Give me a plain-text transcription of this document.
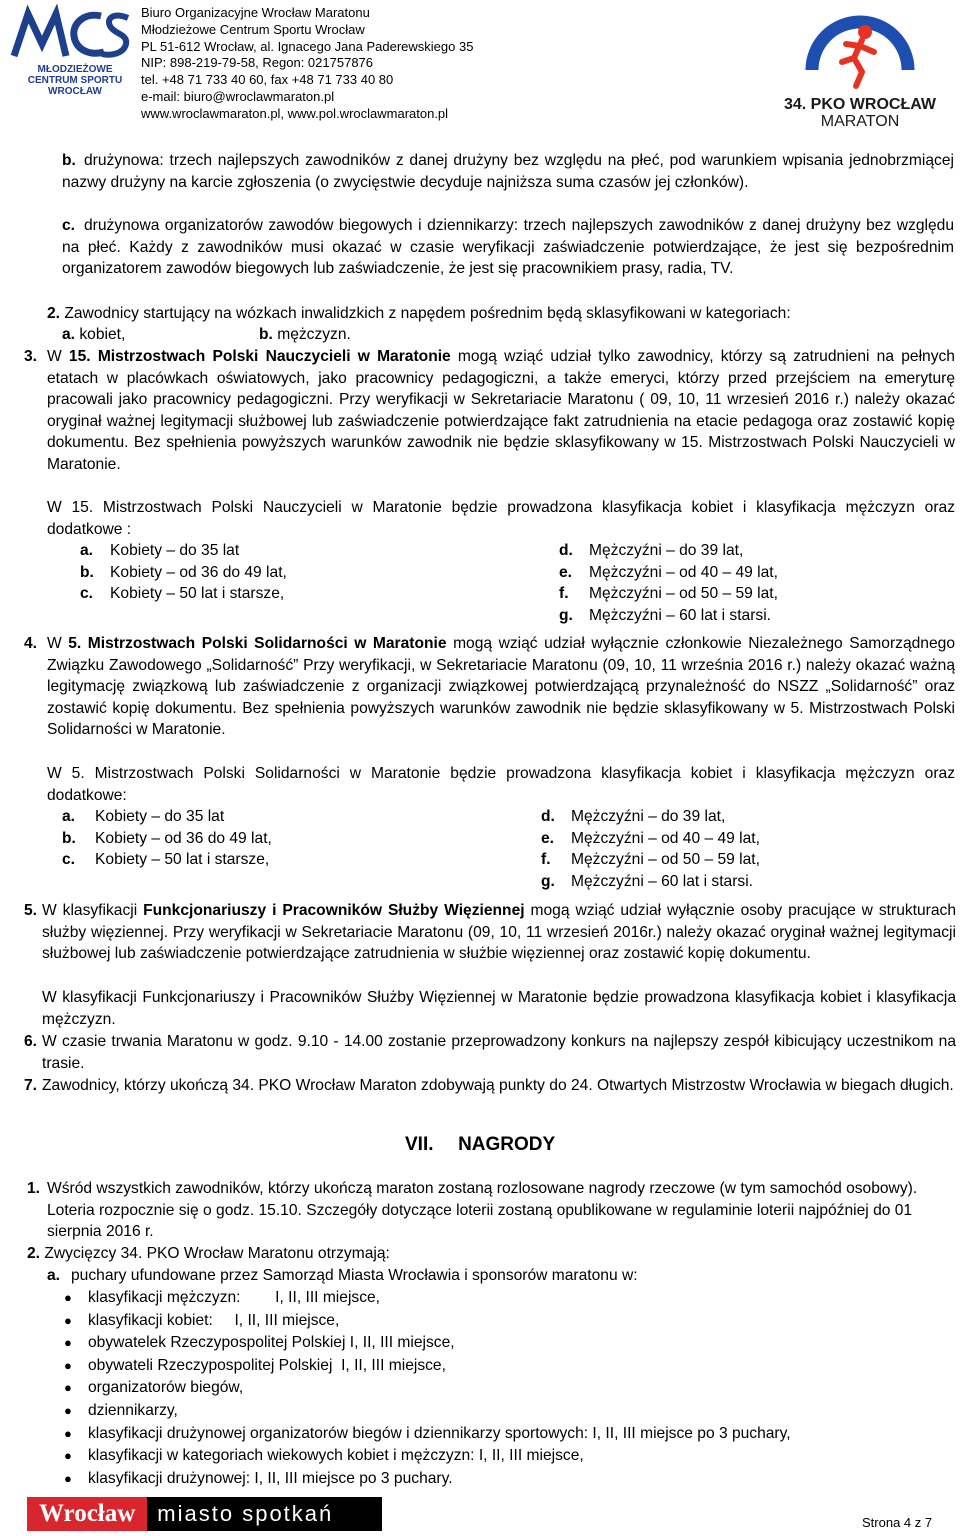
MŁODZIEŻOWE CENTRUM SPORTU WROCŁAW
Biuro Organizacyjne Wrocław Maratonu
Młodzieżowe Centrum Sportu Wrocław
PL 51-612 Wrocław, al. Ignacego Jana Paderewskiego 35
NIP: 898-219-79-58, Regon: 021757876
tel. +48 71 733 40 60, fax +48 71 733 40 80
e-mail: biuro@wroclawmaraton.pl
www.wroclawmaraton.pl, www.pol.wroclawmaraton.pl
34. PKO WROCŁAW
MARATON
b. drużynowa: trzech najlepszych zawodników z danej drużyny bez względu na płeć, pod warunkiem wpisania jednobrzmiącej nazwy drużyny na karcie zgłoszenia (o zwycięstwie decyduje najniższa suma czasów jej członków).
c. drużynowa organizatorów zawodów biegowych i dziennikarzy: trzech najlepszych zawodników z danej drużyny bez względu na płeć. Każdy z zawodników musi okazać w czasie weryfikacji zaświadczenie potwierdzające, że jest się bezpośrednim organizatorem zawodów biegowych lub zaświadczenie, że jest się pracownikiem prasy, radia, TV.
2. Zawodnicy startujący na wózkach inwalidzkich z napędem pośrednim będą sklasyfikowani w kategoriach:
a. kobiet,	b. mężczyzn.
3. W 15. Mistrzostwach Polski Nauczycieli w Maratonie mogą wziąć udział tylko zawodnicy, którzy są zatrudnieni na pełnych etatach w placówkach oświatowych, jako pracownicy pedagogiczni, a także emeryci, którzy przed przejściem na emeryturę pracowali jako pracownicy pedagogiczni. Przy weryfikacji w Sekretariacie Maratonu ( 09, 10, 11 wrzesień 2016 r.) należy okazać oryginał ważnej legitymacji służbowej lub zaświadczenie potwierdzające fakt zatrudnienia na etacie pedagoga oraz zostawić kopię dokumentu. Bez spełnienia powyższych warunków zawodnik nie będzie sklasyfikowany w 15. Mistrzostwach Polski Nauczycieli w Maratonie.
W 15. Mistrzostwach Polski Nauczycieli w Maratonie będzie prowadzona klasyfikacja kobiet i klasyfikacja mężczyzn oraz dodatkowe :
a. Kobiety – do 35 lat
b. Kobiety – od 36 do 49 lat,
c. Kobiety – 50 lat i starsze,
d. Mężczyźni – do 39 lat,
e. Mężczyźni – od 40 – 49 lat,
f. Mężczyźni – od 50 – 59 lat,
g. Mężczyźni – 60 lat i starsi.
4. W 5. Mistrzostwach Polski Solidarności w Maratonie mogą wziąć udział wyłącznie członkowie Niezależnego Samorządnego Związku Zawodowego „Solidarność” Przy weryfikacji, w Sekretariacie Maratonu (09, 10, 11 września 2016 r.) należy okazać ważną legitymację związkową lub zaświadczenie z organizacji związkowej potwierdzającą przynależność do NSZZ „Solidarność” oraz zostawić kopię dokumentu. Bez spełnienia powyższych warunków zawodnik nie będzie sklasyfikowany w 5. Mistrzostwach Polski Solidarności w Maratonie.
W 5. Mistrzostwach Polski Solidarności w Maratonie będzie prowadzona klasyfikacja kobiet i klasyfikacja mężczyzn oraz dodatkowe:
a. Kobiety – do 35 lat
b. Kobiety – od 36 do 49 lat,
c. Kobiety – 50 lat i starsze,
d. Mężczyźni – do 39 lat,
e. Mężczyźni – od 40 – 49 lat,
f. Mężczyźni – od 50 – 59 lat,
g. Mężczyźni – 60 lat i starsi.
5. W klasyfikacji Funkcjonariuszy i Pracowników Służby Więziennej mogą wziąć udział wyłącznie osoby pracujące w strukturach służby więziennej. Przy weryfikacji w Sekretariacie Maratonu (09, 10, 11 wrzesień 2016r.) należy okazać oryginał ważnej legitymacji służbowej lub zaświadczenie potwierdzające zatrudnienia w służbie więziennej oraz zostawić kopię dokumentu.
W klasyfikacji Funkcjonariuszy i Pracowników Służby Więziennej w Maratonie będzie prowadzona klasyfikacja kobiet i klasyfikacja mężczyzn.
6. W czasie trwania Maratonu w godz. 9.10 - 14.00 zostanie przeprowadzony konkurs na najlepszy zespół kibicujący uczestnikom na trasie.
7. Zawodnicy, którzy ukończą 34. PKO Wrocław Maraton zdobywają punkty do 24. Otwartych Mistrzostw Wrocławia w biegach długich.
VII. NAGRODY
1. Wśród wszystkich zawodników, którzy ukończą maraton zostaną rozlosowane nagrody rzeczowe (w tym samochód osobowy). Loteria rozpocznie się o godz. 15.10. Szczegóły dotyczące loterii zostaną opublikowane w regulaminie loterii najpóźniej do 01 sierpnia 2016 r.
2. Zwycięzcy 34. PKO Wrocław Maratonu otrzymają:
a. puchary ufundowane przez Samorząd Miasta Wrocławia i sponsorów maratonu w:
● klasyfikacji mężczyzn:        I, II, III miejsce,
● klasyfikacji kobiet:     I, II, III miejsce,
● obywatelek Rzeczypospolitej Polskiej I, II, III miejsce,
● obywateli Rzeczypospolitej Polskiej  I, II, III miejsce,
● organizatorów biegów,
● dziennikarzy,
● klasyfikacji drużynowej organizatorów biegów i dziennikarzy sportowych: I, II, III miejsce po 3 puchary,
● klasyfikacji w kategoriach wiekowych kobiet i mężczyzn: I, II, III miejsce,
● klasyfikacji drużynowej: I, II, III miejsce po 3 puchary.
Wrocław	miasto spotkań	Strona 4 z 7
